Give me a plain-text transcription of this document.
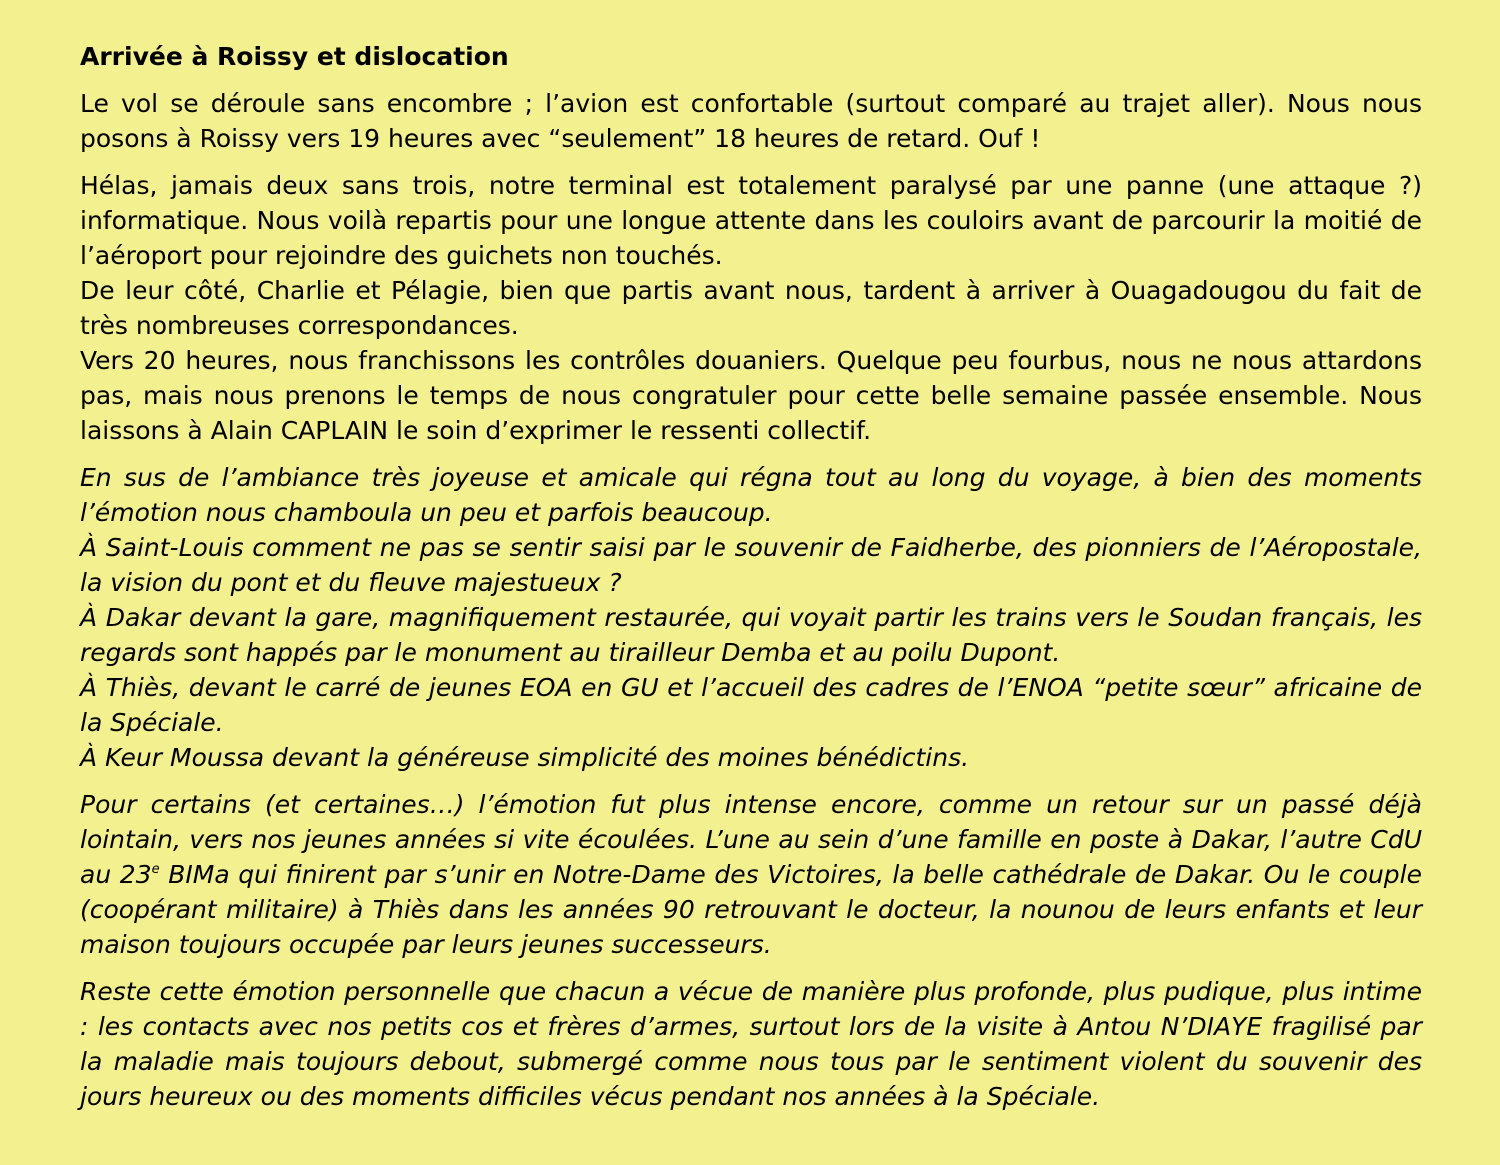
Arrivée à Roissy et dislocation

Le vol se déroule sans encombre ; l’avion est confortable (surtout comparé au trajet aller). Nous nous posons à Roissy vers 19 heures avec “seulement” 18 heures de retard. Ouf !

Hélas, jamais deux sans trois, notre terminal est totalement paralysé par une panne (une attaque ?) informatique. Nous voilà repartis pour une longue attente dans les couloirs avant de parcourir la moitié de l’aéroport pour rejoindre des guichets non touchés.

De leur côté, Charlie et Pélagie, bien que partis avant nous, tardent à arriver à Ouagadougou du fait de très nombreuses correspondances.

Vers 20 heures, nous franchissons les contrôles douaniers. Quelque peu fourbus, nous ne nous attardons pas, mais nous prenons le temps de nous congratuler pour cette belle semaine passée ensemble. Nous laissons à Alain CAPLAIN le soin d’exprimer le ressenti collectif.

En sus de l’ambiance très joyeuse et amicale qui régna tout au long du voyage, à bien des moments l’émotion nous chamboula un peu et parfois beaucoup.

À Saint-Louis comment ne pas se sentir saisi par le souvenir de Faidherbe, des pionniers de l’Aéropostale, la vision du pont et du fleuve majestueux ?

À Dakar devant la gare, magnifiquement restaurée, qui voyait partir les trains vers le Soudan français, les regards sont happés par le monument au tirailleur Demba et au poilu Dupont.

À Thiès, devant le carré de jeunes EOA en GU et l’accueil des cadres de l’ENOA “petite sœur” africaine de la Spéciale.

À Keur Moussa devant la généreuse simplicité des moines bénédictins.

Pour certains (et certaines…) l’émotion fut plus intense encore, comme un retour sur un passé déjà lointain, vers nos jeunes années si vite écoulées. L’une au sein d’une famille en poste à Dakar, l’autre CdU au 23e BIMa qui finirent par s’unir en Notre-Dame des Victoires, la belle cathédrale de Dakar. Ou le couple (coopérant militaire) à Thiès dans les années 90 retrouvant le docteur, la nounou de leurs enfants et leur maison toujours occupée par leurs jeunes successeurs.

Reste cette émotion personnelle que chacun a vécue de manière plus profonde, plus pudique, plus intime : les contacts avec nos petits cos et frères d’armes, surtout lors de la visite à Antou N’DIAYE fragilisé par la maladie mais toujours debout, submergé comme nous tous par le sentiment violent du souvenir des jours heureux ou des moments difficiles vécus pendant nos années à la Spéciale.
